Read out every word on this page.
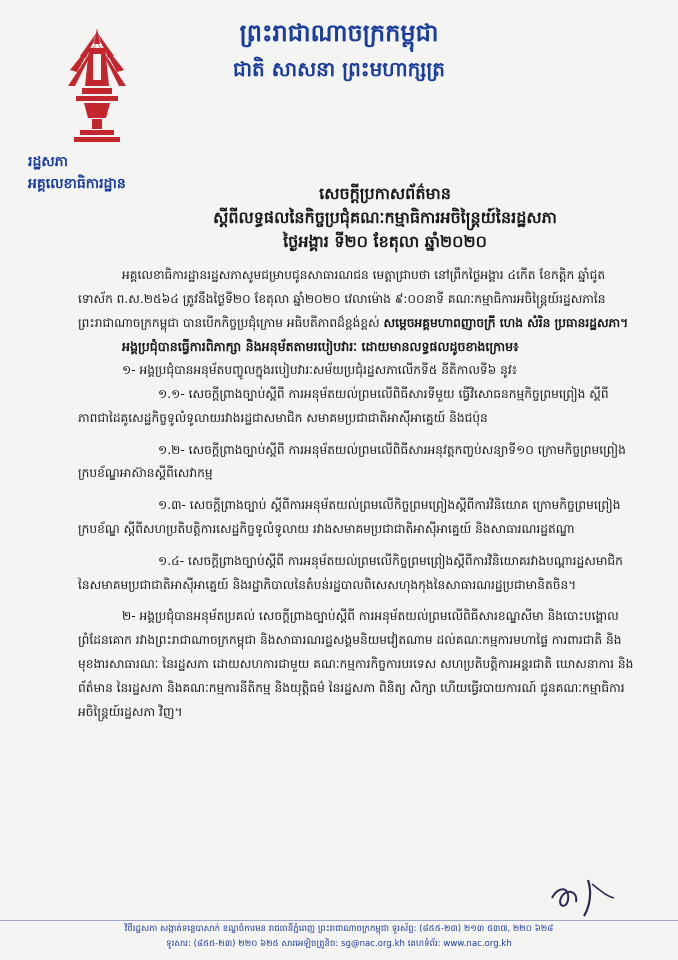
ព្រះរាជាណាចក្រកម្ពុជា
ជាតិ សាសនា ព្រះមហាក្សត្រ
រដ្ឋសភា
អគ្គលេខាធិការដ្ឋាន	សេចក្តីប្រកាសព័ត៌មាន
ស្តីពីលទ្ធផលនៃកិច្ចប្រជុំគណៈកម្មាធិការអចិន្ត្រៃយ៍នៃរដ្ឋសភា
ថ្ងៃអង្គារ ទី២០ ខែតុលា ឆ្នាំ២០២០

អគ្គលេខាធិការដ្ឋានរដ្ឋសភាសូមជម្រាបជូនសាធារណជន មេត្តាជ្រាបថា នៅព្រឹកថ្ងៃអង្គារ ៤កើត ខែកត្តិក ឆ្នាំជូត ទោស័ក ព.ស.២៥៦៤ ត្រូវនឹងថ្ងៃទី២០ ខែតុលា ឆ្នាំ២០២០ វេលាម៉ោង ៩:០០នាទី គណៈកម្មាធិការអចិន្ត្រៃយ៍រដ្ឋសភានៃព្រះរាជាណាចក្រកម្ពុជា បានបើកកិច្ចប្រជុំក្រោម អធិបតីភាពដ៏ខ្ពង់ខ្ពស់ សម្តេចអគ្គមហាពញាចក្រី ហេង សំរិន ប្រធានរដ្ឋសភា។

អង្គប្រជុំបានធ្វើការពិភាក្សា និងអនុម័តតាមរបៀបវារៈ ដោយមានលទ្ធផលដូចខាងក្រោម៖

១- អង្គប្រជុំបានអនុម័តបញ្ចូលក្នុងរបៀបវារៈសម័យប្រជុំរដ្ឋសភាលើកទី៥ នីតិកាលទី៦ នូវ៖

១.១- សេចក្តីព្រាងច្បាប់ស្តីពី ការអនុម័តយល់ព្រមលើពិធីសារទីមួយ ធ្វើវិសោធនកម្មកិច្ចព្រមព្រៀង ស្តីពីភាពជាដៃគូសេដ្ឋកិច្ចទូលំទូលាយរវាងរដ្ឋជាសមាជិក សមាគមប្រជាជាតិអាស៊ីអាគ្នេយ៍ និងជប៉ុន

១.២- សេចក្តីព្រាងច្បាប់ស្តីពី ការអនុម័តយល់ព្រមលើពិធីសារអនុវត្តកញ្ចប់សន្យាទី១០ ក្រោមកិច្ចព្រមព្រៀងក្របខ័ណ្ឌអាស៊ានស្តីពីសេវាកម្ម

១.៣- សេចក្តីព្រាងច្បាប់ ស្តីពីការអនុម័តយល់ព្រមលើកិច្ចព្រមព្រៀងស្តីពីការវិនិយោគ ក្រោមកិច្ចព្រមព្រៀងក្របខ័ណ្ឌ ស្តីពីសហប្រតិបត្តិការសេដ្ឋកិច្ចទូលំទូលាយ រវាងសមាគមប្រជាជាតិអាស៊ីអាគ្នេយ៍ និងសាធារណរដ្ឋឥណ្ឌា

១.៤- សេចក្តីព្រាងច្បាប់ស្តីពី ការអនុម័តយល់ព្រមលើកិច្ចព្រមព្រៀងស្តីពីការវិនិយោគរវាងបណ្តារដ្ឋសមាជិកនៃសមាគមប្រជាជាតិអាស៊ីអាគ្នេយ៍ និងរដ្ឋាភិបាលនៃតំបន់រដ្ឋបាលពិសេសហុងកុងនៃសាធារណរដ្ឋប្រជាមានិតចិន។

២- អង្គប្រជុំបានអនុម័តប្រគល់ សេចក្តីព្រាងច្បាប់ស្តីពី ការអនុម័តយល់ព្រមលើពិធីសារខណ្ឌសីមា និងបោះបង្គោលព្រំដែនគោក រវាងព្រះរាជាណាចក្រកម្ពុជា និងសាធារណរដ្ឋសង្គមនិយមវៀតណាម ដល់គណៈកម្មការមហាផ្ទៃ ការពារជាតិ និងមុខងារសាធារណៈ នៃរដ្ឋសភា ដោយសហការជាមួយ គណៈកម្មការកិច្ចការបរទេស សហប្រតិបត្តិការអន្តរជាតិ ឃោសនាការ និងព័ត៌មាន នៃរដ្ឋសភា និងគណៈកម្មការនីតិកម្ម និងយុត្តិធម៌ នៃរដ្ឋសភា ពិនិត្យ សិក្សា ហើយធ្វើរបាយការណ៍ ជូនគណៈកម្មាធិការអចិន្ត្រៃយ៍រដ្ឋសភា វិញ។

វិថីរដ្ឋសភា សង្កាត់ទន្លេបាសាក់ ខណ្ឌចំការមន រាជធានីភ្នំពេញ ព្រះរាជាណាចក្រកម្ពុជា ទូរស័ព្ទ: (៨៥៥-២៣) ២១៣ ៥៣៧, ២២០ ៦២៨
ទូរសារ: (៨៥៥-២៣) ២២០ ៦២៥ សារអេឡិចត្រូនិច: sg@nac.org.kh គេហទំព័រ: www.nac.org.kh
